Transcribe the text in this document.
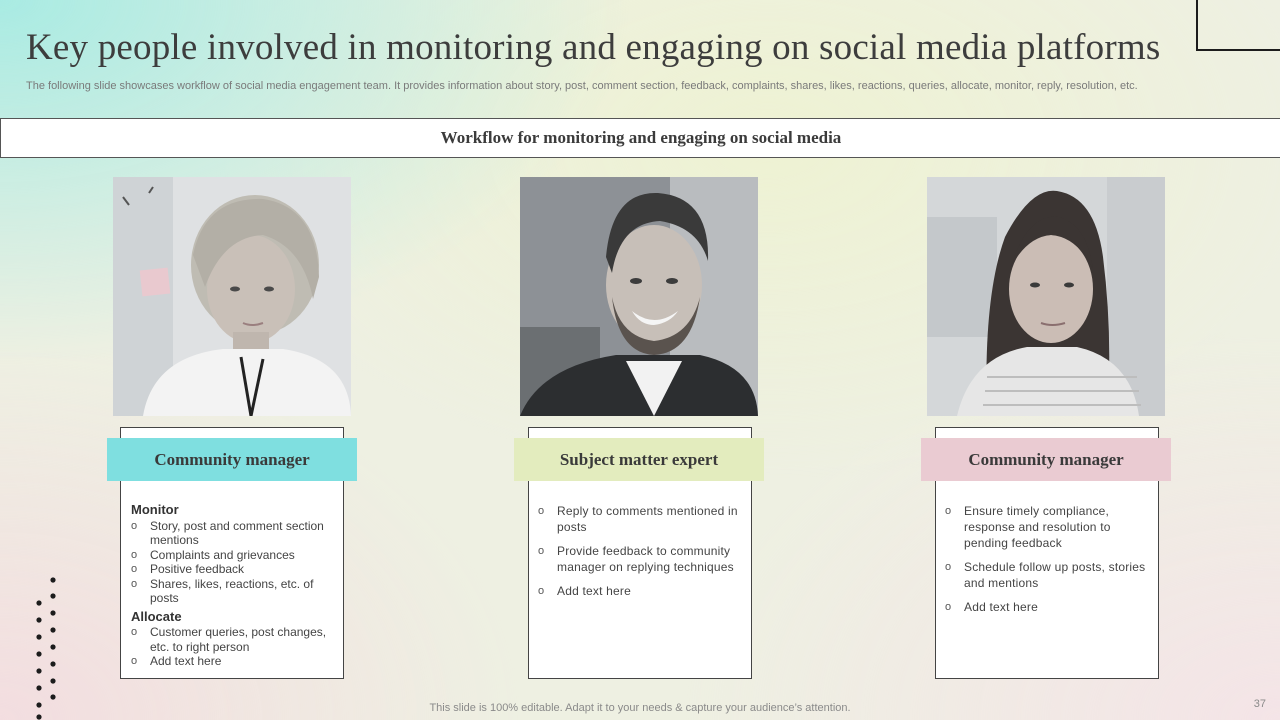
Key people involved in monitoring and engaging on social media platforms
The following slide showcases workflow of social media engagement team. It provides information about story, post, comment section, feedback, complaints, shares, likes, reactions, queries, allocate, monitor, reply, resolution, etc.
Workflow for monitoring and engaging on social media
Community manager	Subject matter expert	Community manager
Monitor
o Story, post and comment section mentions
o Complaints and grievances
o Positive feedback
o Shares, likes, reactions, etc. of posts
Allocate
o Customer queries, post changes, etc. to right person
o Add text here
o Reply to comments mentioned in posts
o Provide feedback to community manager on replying techniques
o Add text here
o Ensure timely compliance, response and resolution to pending feedback
o Schedule follow up posts, stories and mentions
o Add text here
This slide is 100% editable. Adapt it to your needs & capture your audience’s attention.	37
